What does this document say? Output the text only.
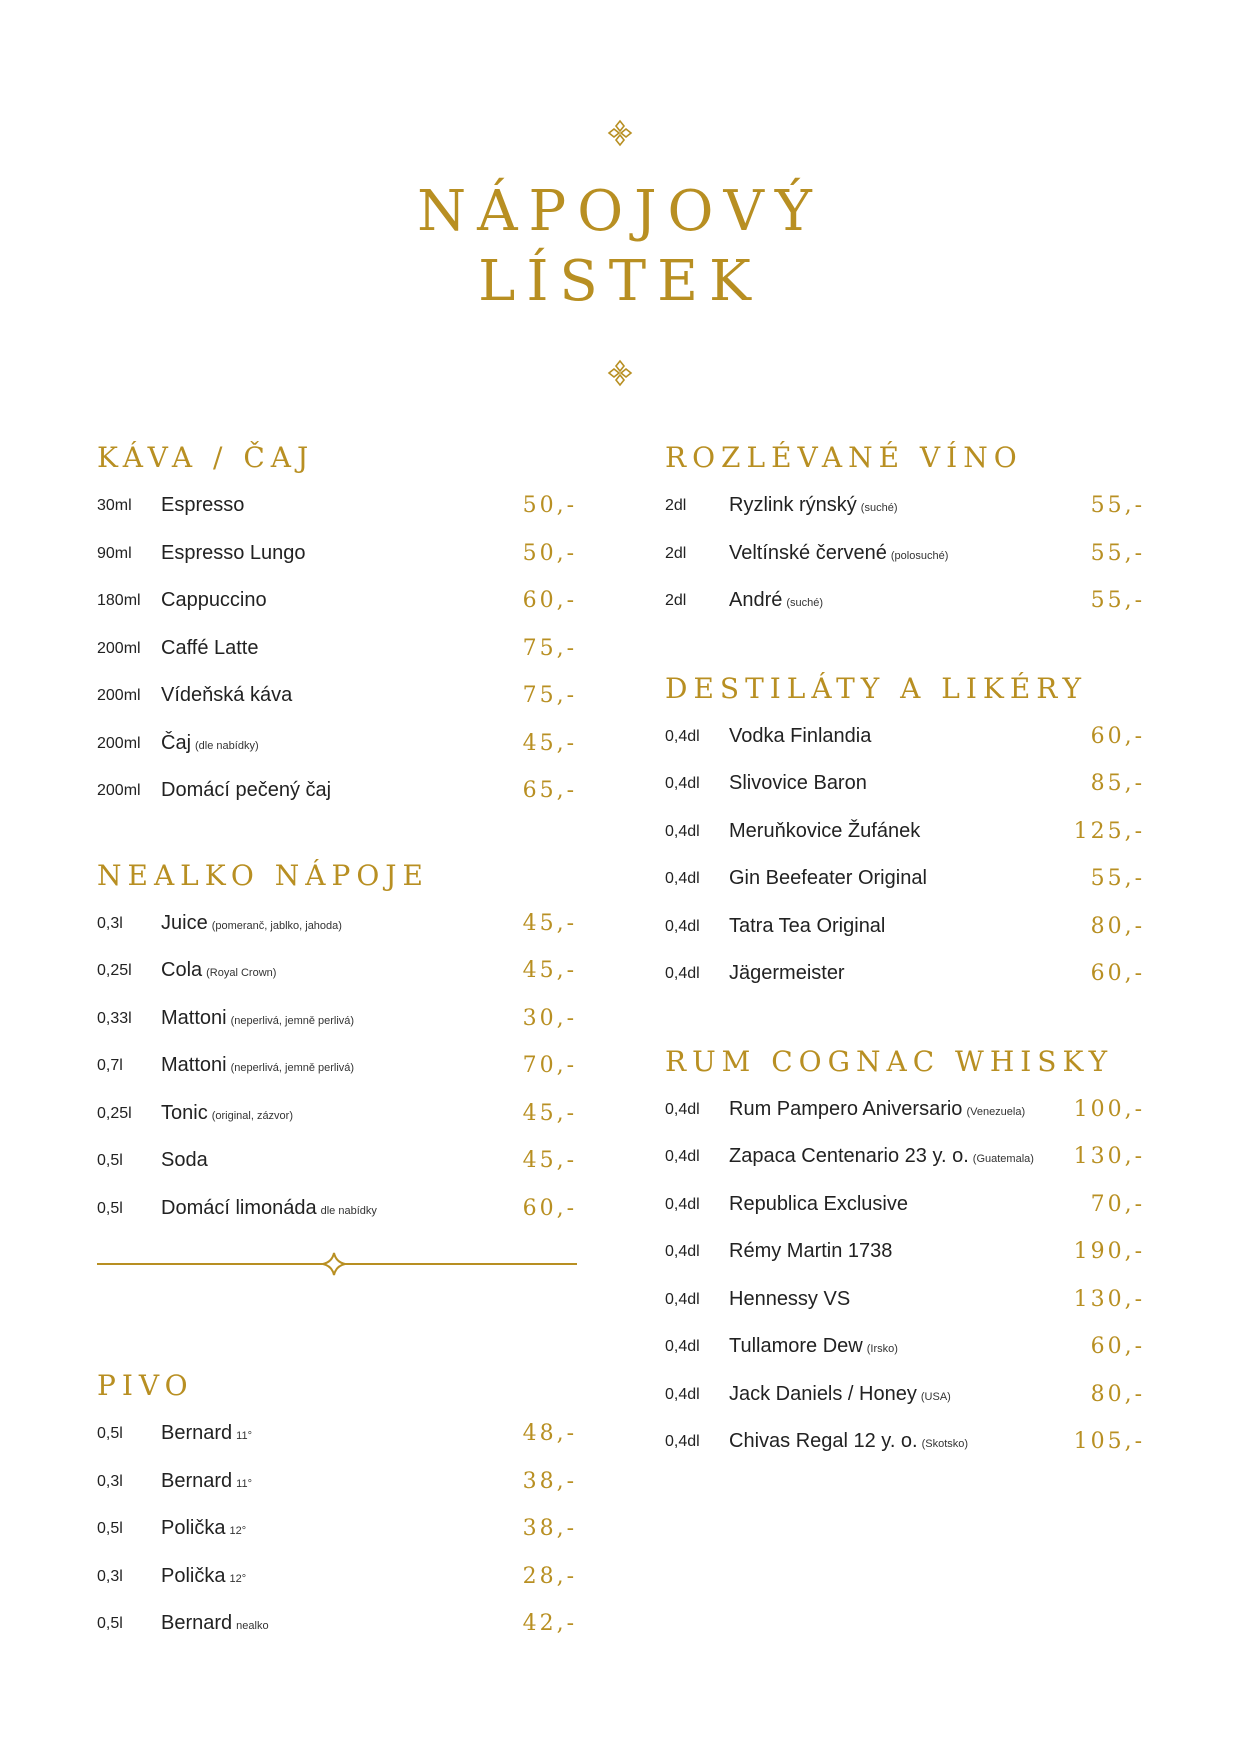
NÁPOJOVÝ
LÍSTEK
KÁVA / ČAJ
30ml Espresso	50,-
90ml Espresso Lungo	50,-
180ml Cappuccino	60,-
200ml Caffé Latte	75,-
200ml Vídeňská káva	75,-
200ml Čaj (dle nabídky)	45,-
200ml Domácí pečený čaj	65,-
NEALKO NÁPOJE
0,3l Juice (pomeranč, jablko, jahoda)	45,-
0,25l Cola (Royal Crown)	45,-
0,33l Mattoni (neperlivá, jemně perlivá)	30,-
0,7l Mattoni (neperlivá, jemně perlivá)	70,-
0,25l Tonic (original, zázvor)	45,-
0,5l Soda	45,-
0,5l Domácí limonáda dle nabídky	60,-
PIVO
0,5l Bernard 11°	48,-
0,3l Bernard 11°	38,-
0,5l Polička 12°	38,-
0,3l Polička 12°	28,-
0,5l Bernard nealko	42,-
ROZLÉVANÉ VÍNO
2dl Ryzlink rýnský (suché)	55,-
2dl Veltínské červené (polosuché)	55,-
2dl André (suché)	55,-
DESTILÁTY A LIKÉRY
0,4dl Vodka Finlandia	60,-
0,4dl Slivovice Baron	85,-
0,4dl Meruňkovice Žufánek	125,-
0,4dl Gin Beefeater Original	55,-
0,4dl Tatra Tea Original	80,-
0,4dl Jägermeister	60,-
RUM COGNAC WHISKY
0,4dl Rum Pampero Aniversario (Venezuela) 100,-
0,4dl Zapaca Centenario 23 y. o. (Guatemala) 130,-
0,4dl Republica Exclusive	70,-
0,4dl Rémy Martin 1738	190,-
0,4dl Hennessy VS	130,-
0,4dl Tullamore Dew (Irsko)	60,-
0,4dl Jack Daniels / Honey (USA)	80,-
0,4dl Chivas Regal 12 y. o. (Skotsko)	105,-
